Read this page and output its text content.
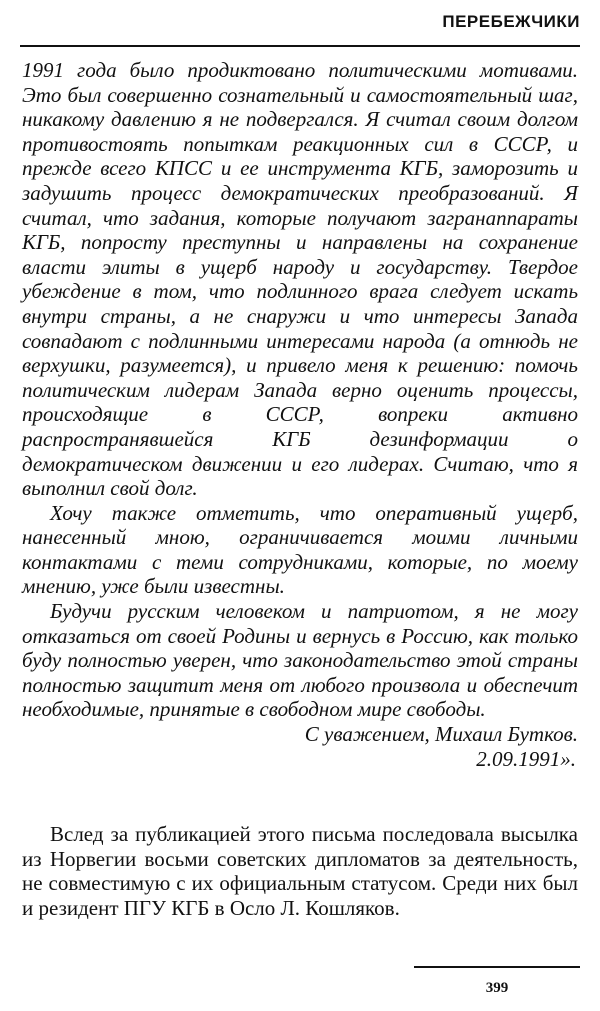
ПЕРЕБЕЖЧИКИ

1991 года было продиктовано политическими мотивами. Это был совершенно сознательный и самостоятельный шаг, никакому давлению я не подвергался. Я считал своим долгом противостоять попыткам реакционных сил в СССР, и прежде всего КПСС и ее инструмента КГБ, заморозить и задушить процесс демократических преобразований. Я считал, что задания, которые получают загранаппараты КГБ, попросту преступны и направлены на сохранение власти элиты в ущерб народу и государству. Твердое убеждение в том, что подлинного врага следует искать внутри страны, а не снаружи и что интересы Запада совпадают с подлинными интересами народа (а отнюдь не верхушки, разумеется), и привело меня к решению: помочь политическим лидерам Запада верно оценить процессы, происходящие в СССР, вопреки активно распространявшейся КГБ дезинформации о демократическом движении и его лидерах. Считаю, что я выполнил свой долг.

Хочу также отметить, что оперативный ущерб, нанесенный мною, ограничивается моими личными контактами с теми сотрудниками, которые, по моему мнению, уже были известны.

Будучи русским человеком и патриотом, я не могу отказаться от своей Родины и вернусь в Россию, как только буду полностью уверен, что законодательство этой страны полностью защитит меня от любого произвола и обеспечит необходимые, принятые в свободном мире свободы.

С уважением, Михаил Бутков.

2.09.1991».

Вслед за публикацией этого письма последовала высылка из Норвегии восьми советских дипломатов за деятельность, не совместимую с их официальным статусом. Среди них был и резидент ПГУ КГБ в Осло Л. Кошляков.

399
